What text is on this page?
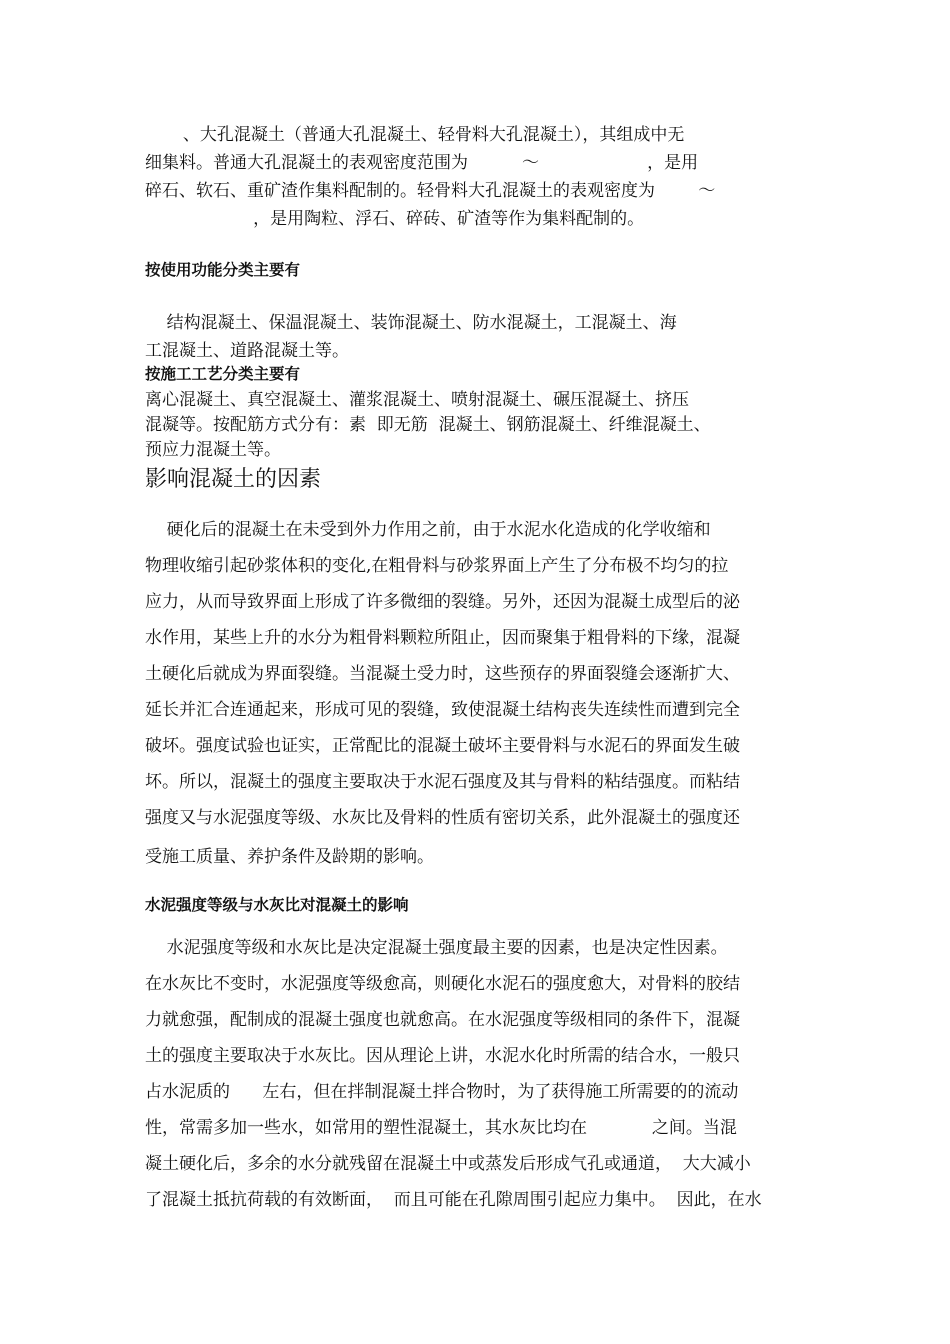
、大孔混凝土（普通大孔混凝土、轻骨料大孔混凝土），其组成中无
细集料。普通大孔混凝土的表观密度范围为          ～                    ，是用
碎石、软石、重矿渣作集料配制的。轻骨料大孔混凝土的表观密度为        ～
，是用陶粒、浮石、碎砖、矿渣等作为集料配制的。
按使用功能分类主要有
结构混凝土、保温混凝土、装饰混凝土、防水混凝土，工混凝土、海
工混凝土、道路混凝土等。
按施工工艺分类主要有
离心混凝土、真空混凝土、灌浆混凝土、喷射混凝土、碾压混凝土、挤压
混凝等。按配筋方式分有：素  即无筋  混凝土、钢筋混凝土、纤维混凝土、
预应力混凝土等。
影响混凝土的因素
硬化后的混凝土在未受到外力作用之前，由于水泥水化造成的化学收缩和
物理收缩引起砂浆体积的变化,在粗骨料与砂浆界面上产生了分布极不均匀的拉
应力，从而导致界面上形成了许多微细的裂缝。另外，还因为混凝土成型后的泌
水作用，某些上升的水分为粗骨料颗粒所阻止，因而聚集于粗骨料的下缘，混凝
土硬化后就成为界面裂缝。当混凝土受力时，这些预存的界面裂缝会逐渐扩大、
延长并汇合连通起来，形成可见的裂缝，致使混凝土结构丧失连续性而遭到完全
破坏。强度试验也证实，正常配比的混凝土破坏主要骨料与水泥石的界面发生破
坏。所以，混凝土的强度主要取决于水泥石强度及其与骨料的粘结强度。而粘结
强度又与水泥强度等级、水灰比及骨料的性质有密切关系，此外混凝土的强度还
受施工质量、养护条件及龄期的影响。
水泥强度等级与水灰比对混凝土的影响
水泥强度等级和水灰比是决定混凝土强度最主要的因素，也是决定性因素。
在水灰比不变时，水泥强度等级愈高，则硬化水泥石的强度愈大，对骨料的胶结
力就愈强，配制成的混凝土强度也就愈高。在水泥强度等级相同的条件下，混凝
土的强度主要取决于水灰比。因从理论上讲，水泥水化时所需的结合水，一般只
占水泥质的      左右，但在拌制混凝土拌合物时，为了获得施工所需要的的流动
性，常需多加一些水，如常用的塑性混凝土，其水灰比均在            之间。当混
凝土硬化后，多余的水分就残留在混凝土中或蒸发后形成气孔或通道，  大大减小
了混凝土抵抗荷载的有效断面，  而且可能在孔隙周围引起应力集中。  因此，在水
